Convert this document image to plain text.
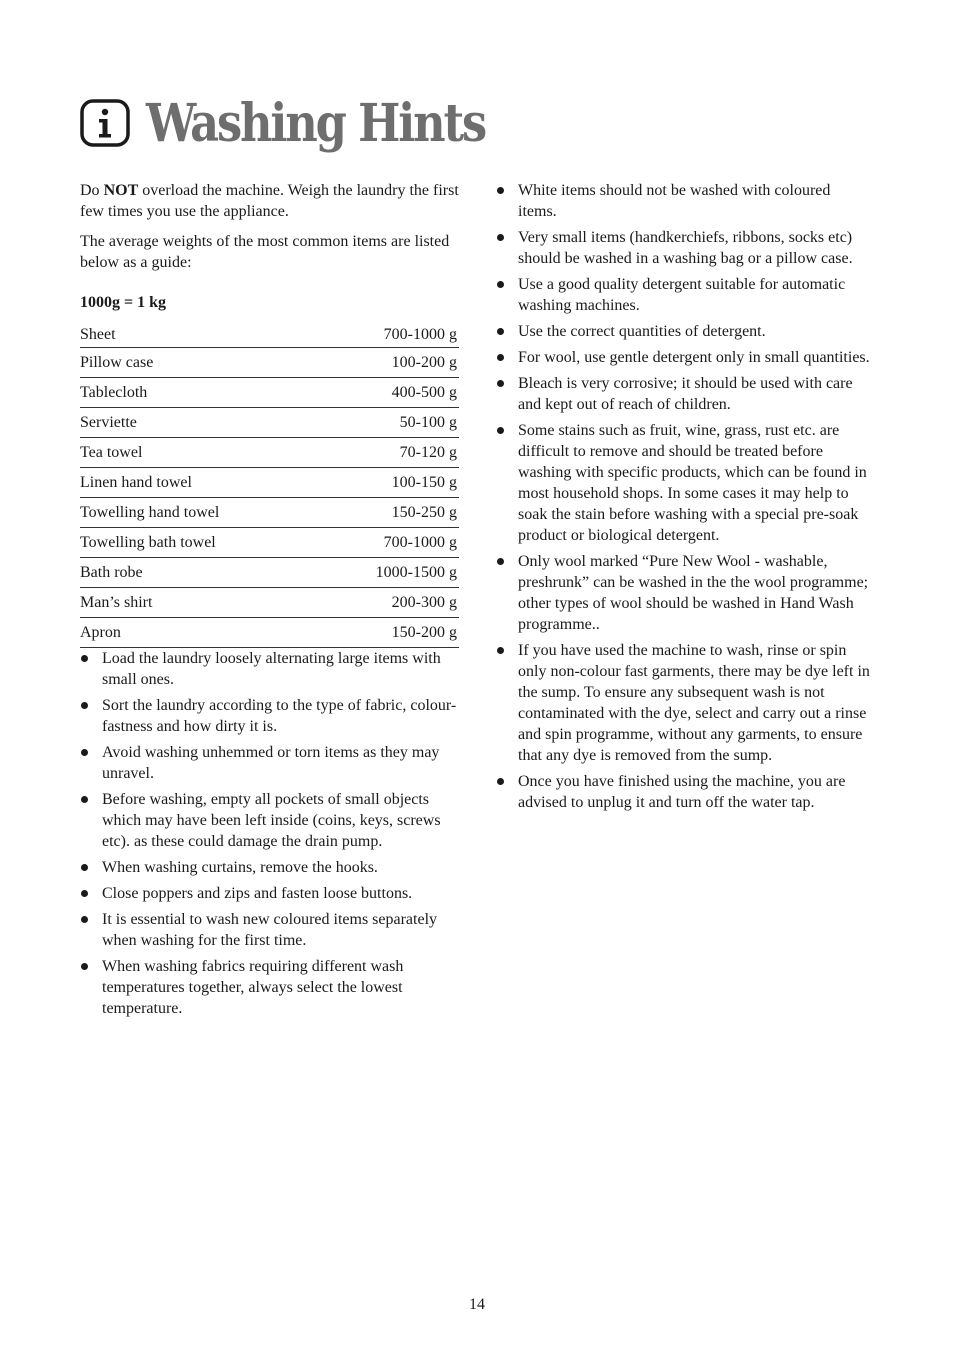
Washing Hints

Do NOT overload the machine. Weigh the laundry the first few times you use the appliance.

The average weights of the most common items are listed below as a guide:

1000g = 1 kg

Sheet	700-1000 g
Pillow case	100-200 g
Tablecloth	400-500 g
Serviette	50-100 g
Tea towel	70-120 g
Linen hand towel	100-150 g
Towelling hand towel	150-250 g
Towelling bath towel	700-1000 g
Bath robe	1000-1500 g
Man’s shirt	200-300 g
Apron	150-200 g
Load the laundry loosely alternating large items with small ones.
Sort the laundry according to the type of fabric, colour-fastness and how dirty it is.
Avoid washing unhemmed or torn items as they may unravel.
Before washing, empty all pockets of small objects which may have been left inside (coins, keys, screws etc). as these could damage the drain pump.
When washing curtains, remove the hooks.
Close poppers and zips and fasten loose buttons.
It is essential to wash new coloured items separately when washing for the first time.
When washing fabrics requiring different wash temperatures together, always select the lowest temperature.
White items should not be washed with coloured items.
Very small items (handkerchiefs, ribbons, socks etc) should be washed in a washing bag or a pillow case.
Use a good quality detergent suitable for automatic washing machines.
Use the correct quantities of detergent.
For wool, use gentle detergent only in small quantities.
Bleach is very corrosive; it should be used with care and kept out of reach of children.
Some stains such as fruit, wine, grass, rust etc. are difficult to remove and should be treated before washing with specific products, which can be found in most household shops. In some cases it may help to soak the stain before washing with a special pre-soak product or biological detergent.
Only wool marked “Pure New Wool - washable, preshrunk” can be washed in the the wool programme; other types of wool should be washed in Hand Wash programme..
If you have used the machine to wash, rinse or spin only non-colour fast garments, there may be dye left in the sump. To ensure any subsequent wash is not contaminated with the dye, select and carry out a rinse and spin programme, without any garments, to ensure that any dye is removed from the sump.
Once you have finished using the machine, you are advised to unplug it and turn off the water tap.
14
